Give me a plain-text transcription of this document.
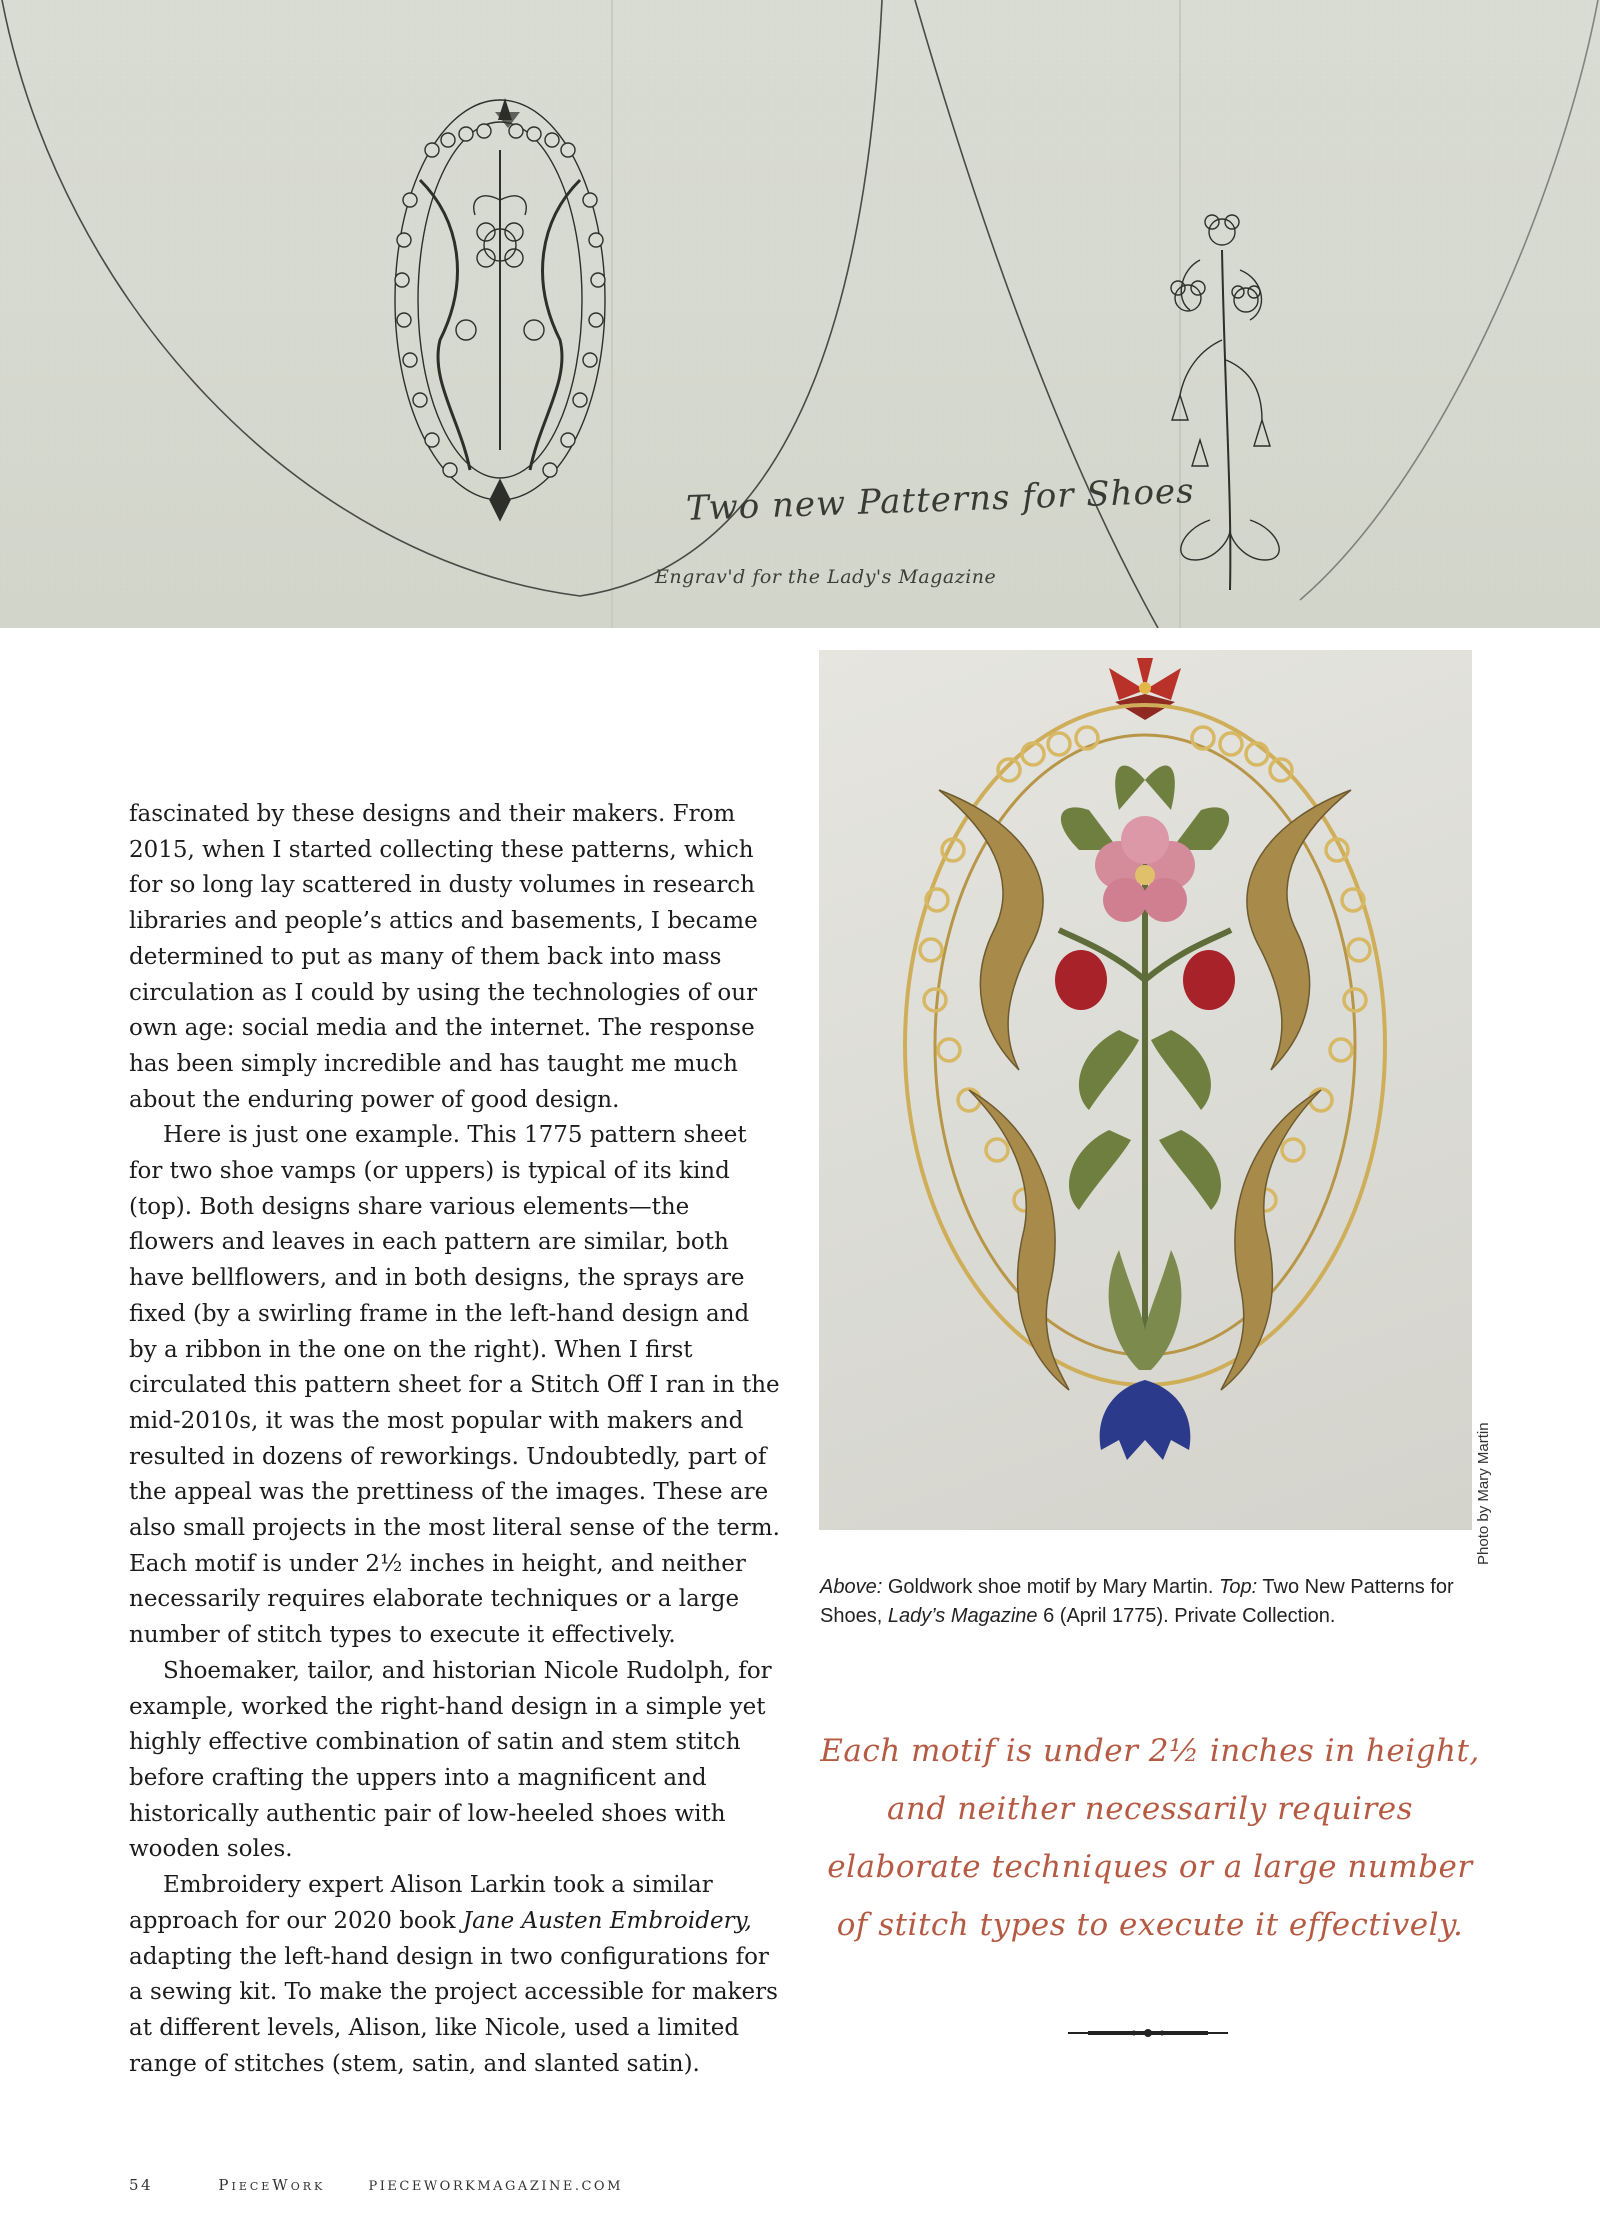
Two new Patterns for Shoes
Engrav'd for the Lady's Magazine

fascinated by these designs and their makers. From 2015, when I started collecting these patterns, which for so long lay scattered in dusty volumes in research libraries and people’s attics and basements, I became determined to put as many of them back into mass circulation as I could by using the technologies of our own age: social media and the internet. The response has been simply incredible and has taught me much about the enduring power of good design.

Here is just one example. This 1775 pattern sheet for two shoe vamps (or uppers) is typical of its kind (top). Both designs share various elements—the flowers and leaves in each pattern are similar, both have bellflowers, and in both designs, the sprays are fixed (by a swirling frame in the left-hand design and by a ribbon in the one on the right). When I first circulated this pattern sheet for a Stitch Off I ran in the mid-2010s, it was the most popular with makers and resulted in dozens of reworkings. Undoubtedly, part of the appeal was the prettiness of the images. These are also small projects in the most literal sense of the term. Each motif is under 2½ inches in height, and neither necessarily requires elaborate techniques or a large number of stitch types to execute it effectively.

Shoemaker, tailor, and historian Nicole Rudolph, for example, worked the right-hand design in a simple yet highly effective combination of satin and stem stitch before crafting the uppers into a magnificent and historically authentic pair of low-heeled shoes with wooden soles.

Embroidery expert Alison Larkin took a similar approach for our 2020 book Jane Austen Embroidery, adapting the left-hand design in two configurations for a sewing kit. To make the project accessible for makers at different levels, Alison, like Nicole, used a limited range of stitches (stem, satin, and slanted satin).

Photo by Mary Martin
Above: Goldwork shoe motif by Mary Martin. Top: Two New Patterns for Shoes, Lady’s Magazine 6 (April 1775). Private Collection.
Each motif is under 2½ inches in height, and neither necessarily requires elaborate techniques or a large number of stitch types to execute it effectively.
54	PieceWork	PIECEWORKMAGAZINE.COM
